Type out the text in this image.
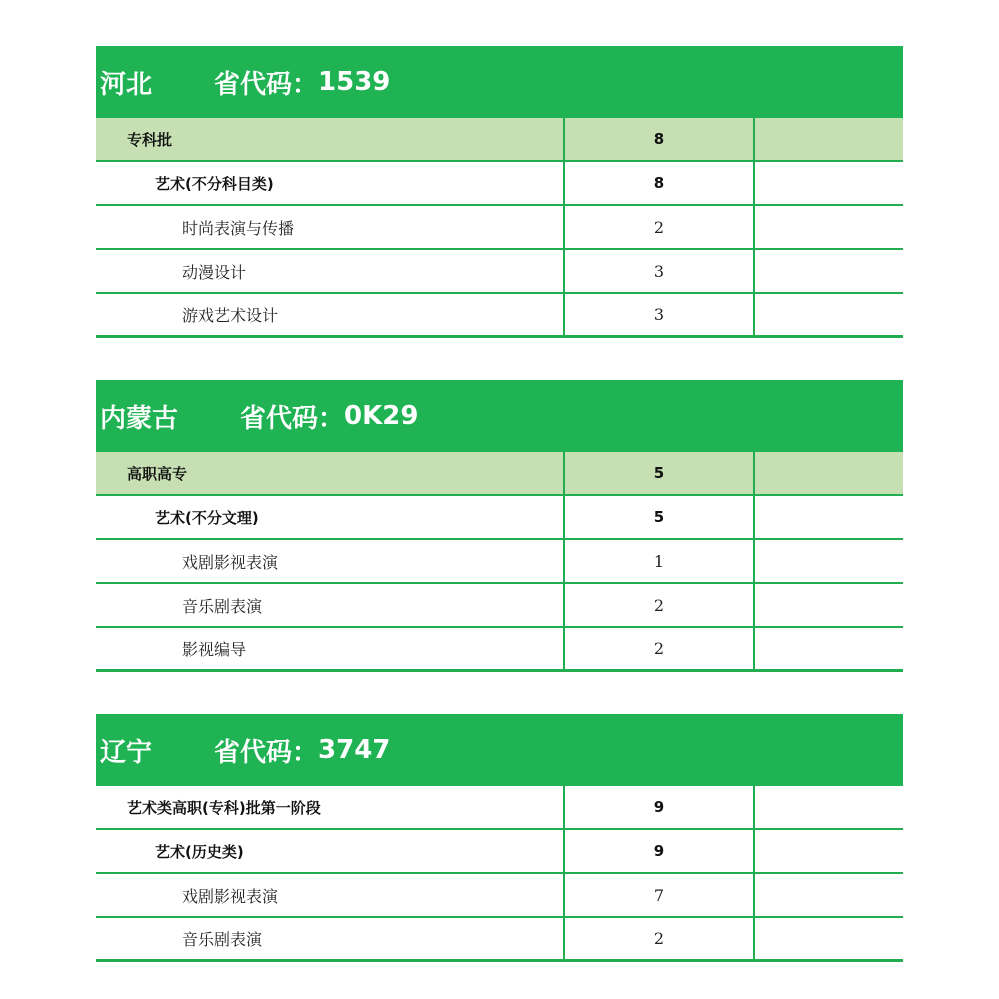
河北 省代码： 1539
专科批	8
艺术(不分科目类)	8
时尚表演与传播	2
动漫设计	3
游戏艺术设计	3
内蒙古 省代码： 0K29
高职高专	5
艺术(不分文理)	5
戏剧影视表演	1
音乐剧表演	2
影视编导	2
辽宁 省代码： 3747
艺术类高职(专科)批第一阶段	9
艺术(历史类)	9
戏剧影视表演	7
音乐剧表演	2
